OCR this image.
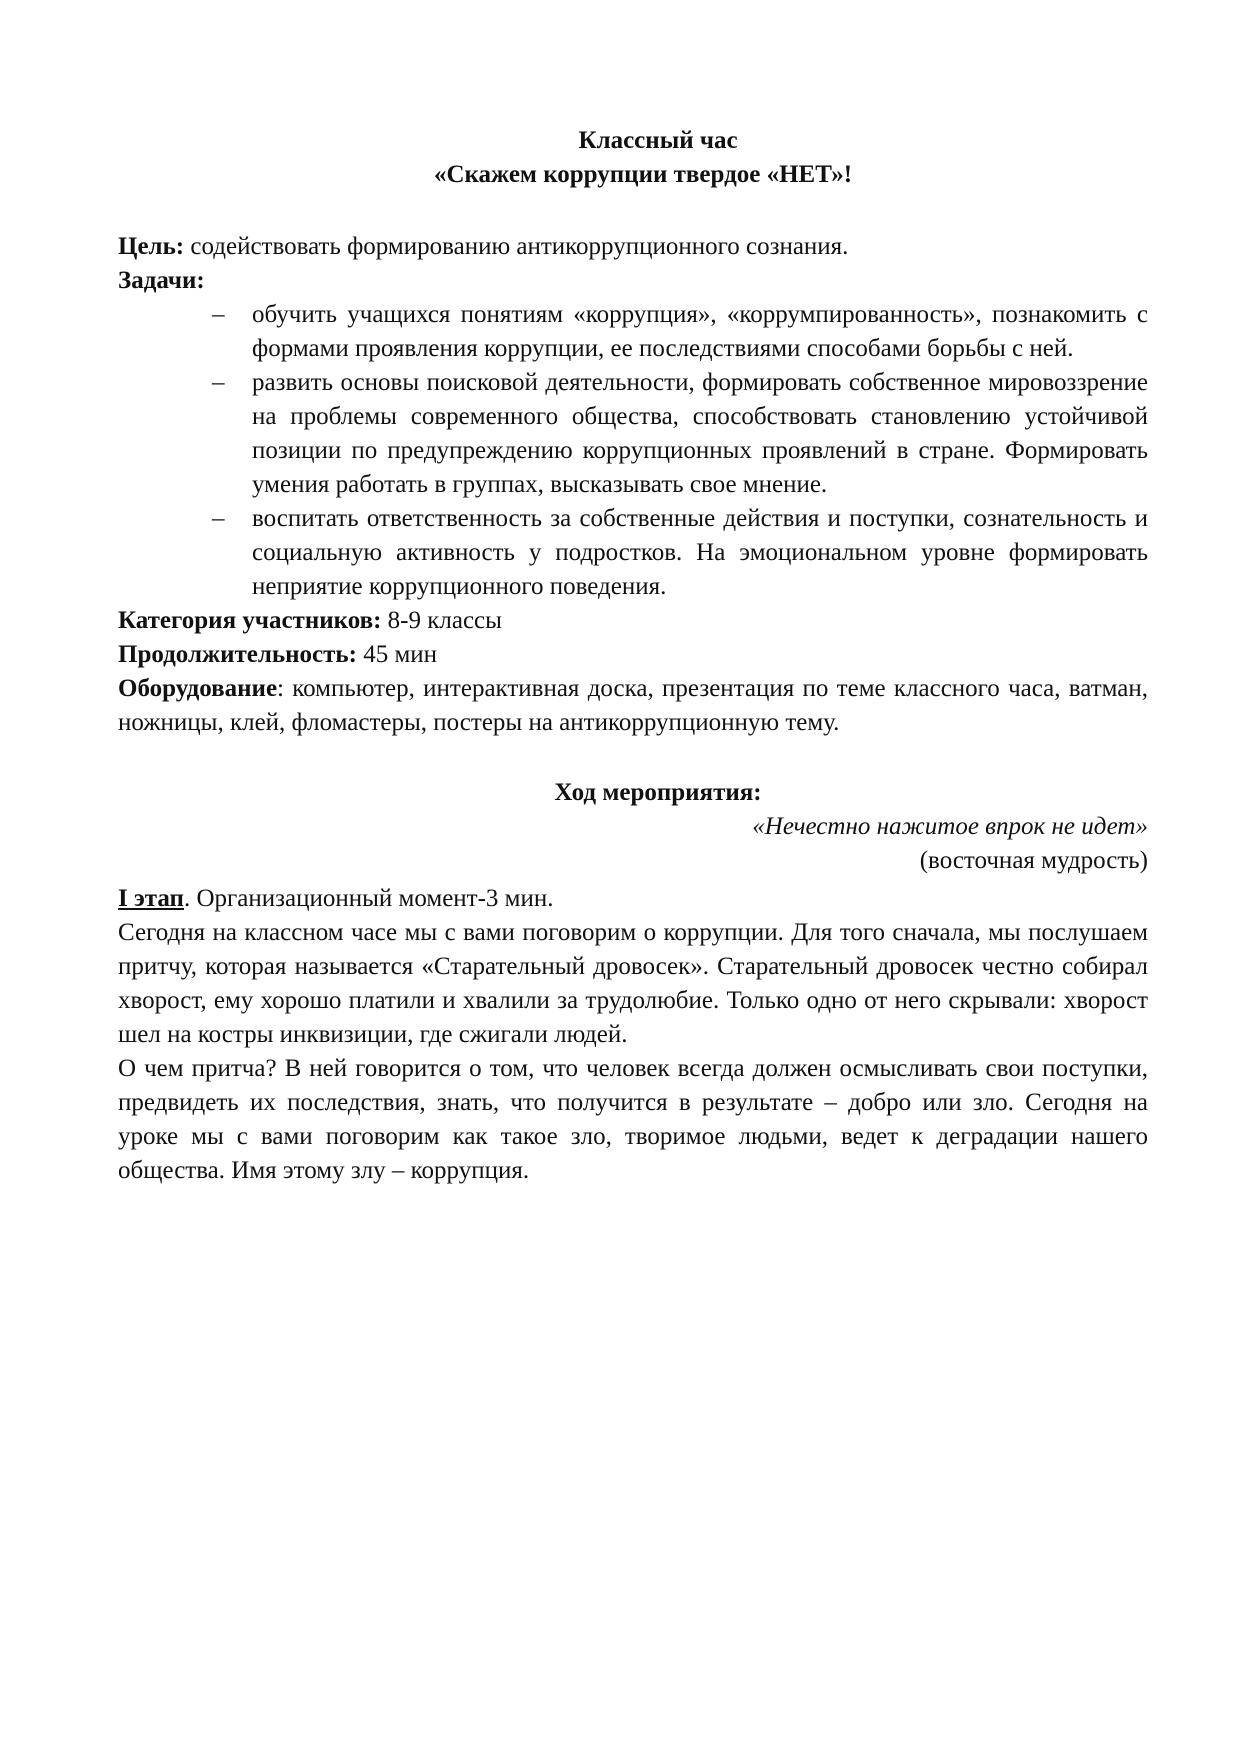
Классный час

«Скажем коррупции твердое «НЕТ»!

Цель: содействовать формированию антикоррупционного сознания.

Задачи:

– обучить учащихся понятиям «коррупция», «коррумпированность», познакомить с формами проявления коррупции, ее последствиями способами борьбы с ней.
– развить основы поисковой деятельности, формировать собственное мировоззрение на проблемы современного общества, способствовать становлению устойчивой позиции по предупреждению коррупционных проявлений в стране. Формировать умения работать в группах, высказывать свое мнение.
– воспитать ответственность за собственные действия и поступки, сознательность и социальную активность у подростков. На эмоциональном уровне формировать неприятие коррупционного поведения.

Категория участников: 8-9 классы

Продолжительность: 45 мин

Оборудование: компьютер, интерактивная доска, презентация по теме классного часа, ватман, ножницы, клей, фломастеры, постеры на антикоррупционную тему.

Ход мероприятия:

«Нечестно нажитое впрок не идет»

(восточная мудрость)

I этап. Организационный момент-3 мин.

Сегодня на классном часе мы с вами поговорим о коррупции. Для того сначала, мы послушаем притчу, которая называется «Старательный дровосек». Старательный дровосек честно собирал хворост, ему хорошо платили и хвалили за трудолюбие. Только одно от него скрывали: хворост шел на костры инквизиции, где сжигали людей.

О чем притча? В ней говорится о том, что человек всегда должен осмысливать свои поступки, предвидеть их последствия, знать, что получится в результате – добро или зло. Сегодня на уроке мы с вами поговорим как такое зло, творимое людьми, ведет к деградации нашего общества. Имя этому злу – коррупция.
